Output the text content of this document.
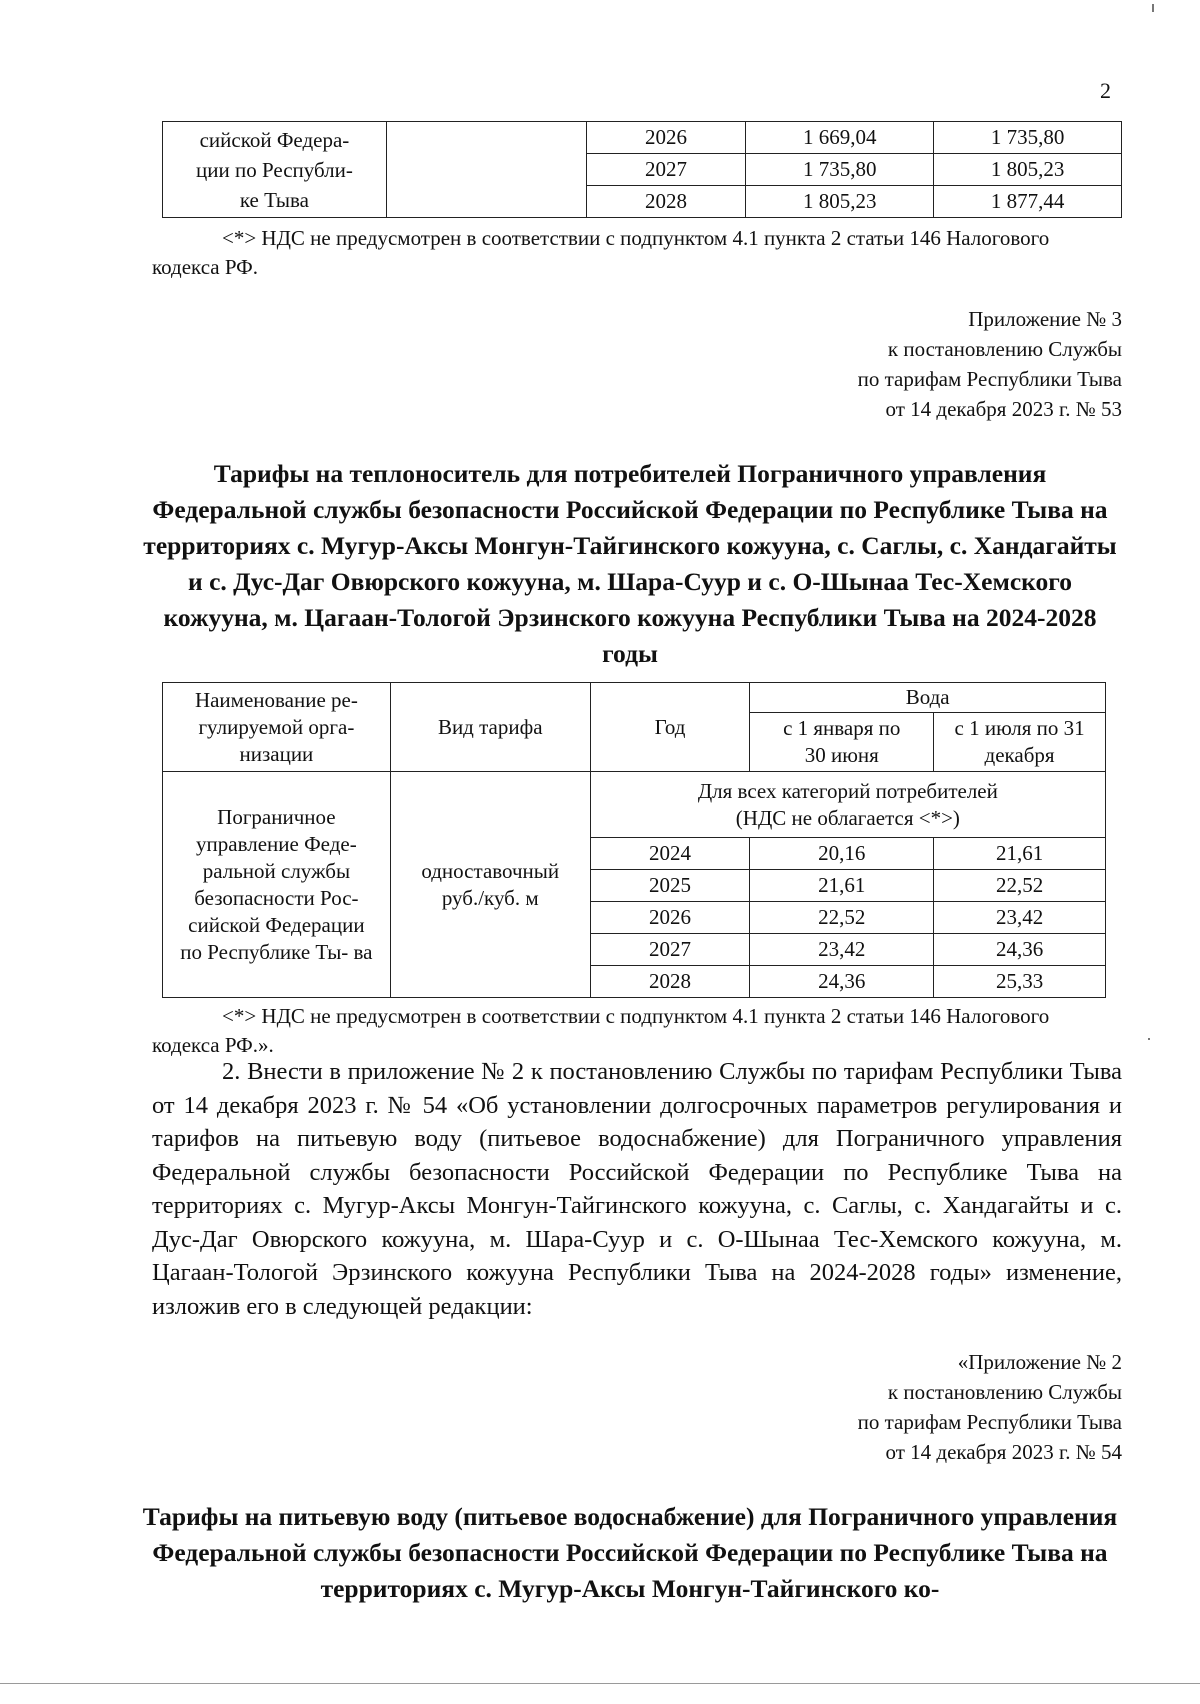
2
сийской Федера- ции по Республи- ке Тыва		2026	1 669,04	1 735,80
		2027	1 735,80	1 805,23
		2028	1 805,23	1 877,44
<*> НДС не предусмотрен в соответствии с подпунктом 4.1 пункта 2 статьи 146 Налогового кодекса РФ.
Приложение № 3
к постановлению Службы
по тарифам Республики Тыва
от 14 декабря 2023 г. № 53
Тарифы на теплоноситель для потребителей Пограничного управления Федеральной службы безопасности Российской Федерации по Республике Тыва на территориях с. Мугур-Аксы Монгун-Тайгинского кожууна, с. Саглы, с. Хандагайты и с. Дус-Даг Овюрского кожууна, м. Шара-Суур и с. О-Шынаа Тес-Хемского кожууна, м. Цагаан-Тологой Эрзинского кожууна Республики Тыва на 2024-2028 годы
Наименование ре- гулируемой орга- низации	Вид тарифа	Год	Вода	
			с 1 января по 30 июня	с 1 июля по 31 декабря
Пограничное управление Феде- ральной службы безопасности Рос- сийской Федерации по Республике Ты- ва	одноставочный руб./куб. м	Для всех категорий потребителей (НДС не облагается <*>)		
		2024	20,16	21,61
		2025	21,61	22,52
		2026	22,52	23,42
		2027	23,42	24,36
		2028	24,36	25,33
<*> НДС не предусмотрен в соответствии с подпунктом 4.1 пункта 2 статьи 146 Налогового кодекса РФ.».
2. Внести в приложение № 2 к постановлению Службы по тарифам Республики Тыва от 14 декабря 2023 г. № 54 «Об установлении долгосрочных параметров регулирования и тарифов на питьевую воду (питьевое водоснабжение) для Пограничного управления Федеральной службы безопасности Российской Федерации по Республике Тыва на территориях с. Мугур-Аксы Монгун-Тайгинского кожууна, с. Саглы, с. Хандагайты и с. Дус-Даг Овюрского кожууна, м. Шара-Суур и с. О-Шынаа Тес-Хемского кожууна, м. Цагаан-Тологой Эрзинского кожууна Республики Тыва на 2024-2028 годы» изменение, изложив его в следующей редакции:
«Приложение № 2
к постановлению Службы
по тарифам Республики Тыва
от 14 декабря 2023 г. № 54
Тарифы на питьевую воду (питьевое водоснабжение) для Пограничного управления Федеральной службы безопасности Российской Федерации по Республике Тыва на территориях с. Мугур-Аксы Монгун-Тайгинского ко-
